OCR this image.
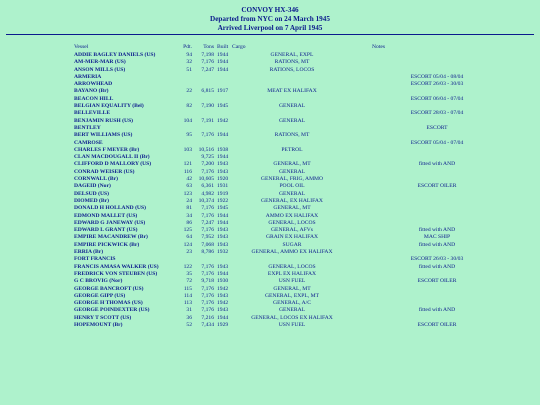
CONVOY HX-346
Departed from NYC on 24 March 1945
Arrived Liverpool on 7 April 1945
Vessel	Pdt.	Tons	Built	Cargo	Notes
ADDIE BAGLEY DANIELS (US)	94	7,198	1944	GENERAL, EXPL	
AM-MER-MAR (US)	32	7,176	1944	RATIONS, MT	
ANSON MILLS (US)	51	7,247	1944	RATIONS, LOCOS	
ARMERIA					ESCORT 05/04 - 08/04
ARROWHEAD					ESCORT 26/03 - 30/03
BAYANO (Br)	22	6,815	1917	MEAT EX HALIFAX	
BEACON HILL					ESCORT 06/04 - 07/04
BELGIAN EQUALITY (Bel)	82	7,190	1945	GENERAL	
BELLEVILLE					ESCORT 28/03 - 07/04
BENJAMIN RUSH (US)	104	7,191	1942	GENERAL	
BENTLEY					ESCORT
BERT WILLIAMS (US)	95	7,176	1944	RATIONS, MT	
CAMROSE					ESCORT 05/04 - 07/04
CHARLES F MEYER (Br)	103	10,516	1938	PETROL	
CLAN MACDOUGALL II (Br)		9,725	1944		
CLIFFORD D MALLORY (US)	121	7,200	1943	GENERAL, MT	fitted with AND
CONRAD WEISER (US)	116	7,176	1943	GENERAL	
CORNWALL (Br)	42	10,605	1920	GENERAL, FRIG, AMMO	
DAGEID (Nor)	63	6,361	1931	POOL OIL	ESCORT OILER
DELSUD (US)	123	4,982	1919	GENERAL	
DIOMED (Br)	24	10,374	1922	GENERAL, EX HALIFAX	
DONALD H HOLLAND (US)	81	7,176	1945	GENERAL, MT	
EDMOND MALLET (US)	34	7,176	1944	AMMO EX HALIFAX	
EDWARD G JANEWAY (US)	86	7,247	1944	GENERAL, LOCOS	
EDWARD L GRANT (US)	125	7,176	1943	GENERAL, AFVs	fitted with AND
EMPIRE MACANDREW (Br)	64	7,952	1943	GRAIN EX HALIFAX	MAC SHIP
EMPIRE PICKWICK (Br)	124	7,068	1943	SUGAR	fitted with AND
ERRIA (Br)	23	8,786	1932	GENERAL, AMMO EX HALIFAX	
FORT FRANCIS					ESCORT 26/03 - 30/03
FRANCIS AMASA WALKER (US)	122	7,176	1943	GENERAL, LOCOS	fitted with AND
FREDRICK VON STEUBEN (US)	35	7,176	1944	EXPL EX HALIFAX	
G C BROVIG (Nor)	72	9,718	1930	USN FUEL	ESCORT OILER
GEORGE BANCROFT (US)	115	7,176	1942	GENERAL, MT	
GEORGE GIPP (US)	114	7,176	1943	GENERAL, EXPL, MT	
GEORGE H THOMAS (US)	113	7,176	1942	GENERAL, A/C	
GEORGE POINDEXTER (US)	31	7,176	1943	GENERAL	fitted with AND
HENRY T SCOTT (US)	36	7,216	1944	GENERAL, LOCOS EX HALIFAX	
HOPEMOUNT (Br)	52	7,434	1929	USN FUEL	ESCORT OILER
